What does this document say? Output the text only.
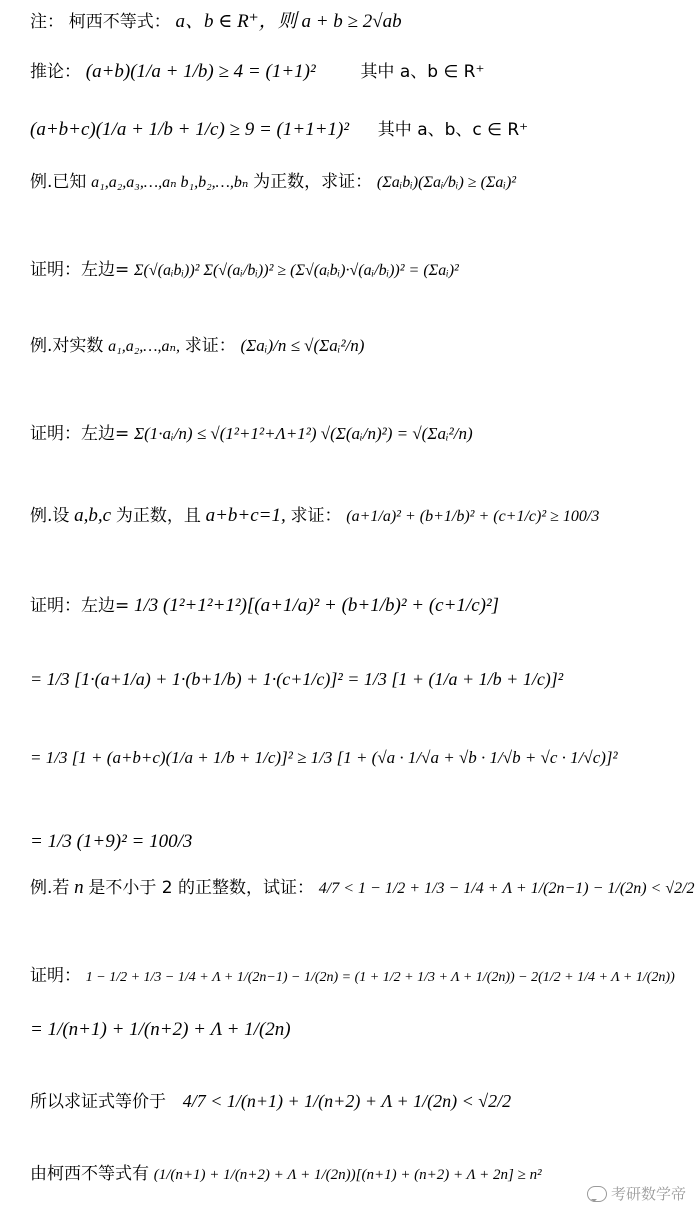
注： 柯西不等式： a、b ∈ R⁺，则 a + b ≥ 2√ab
推论： (a+b)(1/a + 1/b) ≥ 4 = (1+1)²	其中 a、b ∈ R⁺
(a+b+c)(1/a + 1/b + 1/c) ≥ 9 = (1+1+1)² 其中 a、b、c ∈ R⁺
例.已知 a₁,a₂,a₃,…,aₙ b₁,b₂,…,bₙ 为正数，求证： (Σaᵢbᵢ)(Σaᵢ/bᵢ) ≥ (Σaᵢ)²
证明：左边= Σ(√(aᵢbᵢ))² Σ(√(aᵢ/bᵢ))² ≥ (Σ√(aᵢbᵢ)·√(aᵢ/bᵢ))² = (Σaᵢ)²
例.对实数 a₁,a₂,…,aₙ, 求证： (Σaᵢ)/n ≤ √(Σaᵢ²/n)
证明：左边= Σ(1·aᵢ/n) ≤ √(1²+1²+Λ+1²) √(Σ(aᵢ/n)²) = √(Σaᵢ²/n)
例.设 a,b,c 为正数，且 a+b+c=1, 求证： (a+1/a)² + (b+1/b)² + (c+1/c)² ≥ 100/3
证明：左边= 1/3 (1²+1²+1²)[(a+1/a)² + (b+1/b)² + (c+1/c)²]
= 1/3 [1·(a+1/a) + 1·(b+1/b) + 1·(c+1/c)]² = 1/3 [1 + (1/a + 1/b + 1/c)]²
= 1/3 [1 + (a+b+c)(1/a + 1/b + 1/c)]² ≥ 1/3 [1 + (√a · 1/√a + √b · 1/√b + √c · 1/√c)]²
= 1/3 (1+9)² = 100/3
例.若 n 是不小于 2 的正整数，试证： 4/7 < 1 − 1/2 + 1/3 − 1/4 + Λ + 1/(2n−1) − 1/(2n) < √2/2
证明： 1 − 1/2 + 1/3 − 1/4 + Λ + 1/(2n−1) − 1/(2n) = (1 + 1/2 + 1/3 + Λ + 1/(2n)) − 2(1/2 + 1/4 + Λ + 1/(2n))
= 1/(n+1) + 1/(n+2) + Λ + 1/(2n)
所以求证式等价于 4/7 < 1/(n+1) + 1/(n+2) + Λ + 1/(2n) < √2/2
由柯西不等式有 (1/(n+1) + 1/(n+2) + Λ + 1/(2n))[(n+1) + (n+2) + Λ + 2n] ≥ n²
考研数学帝
